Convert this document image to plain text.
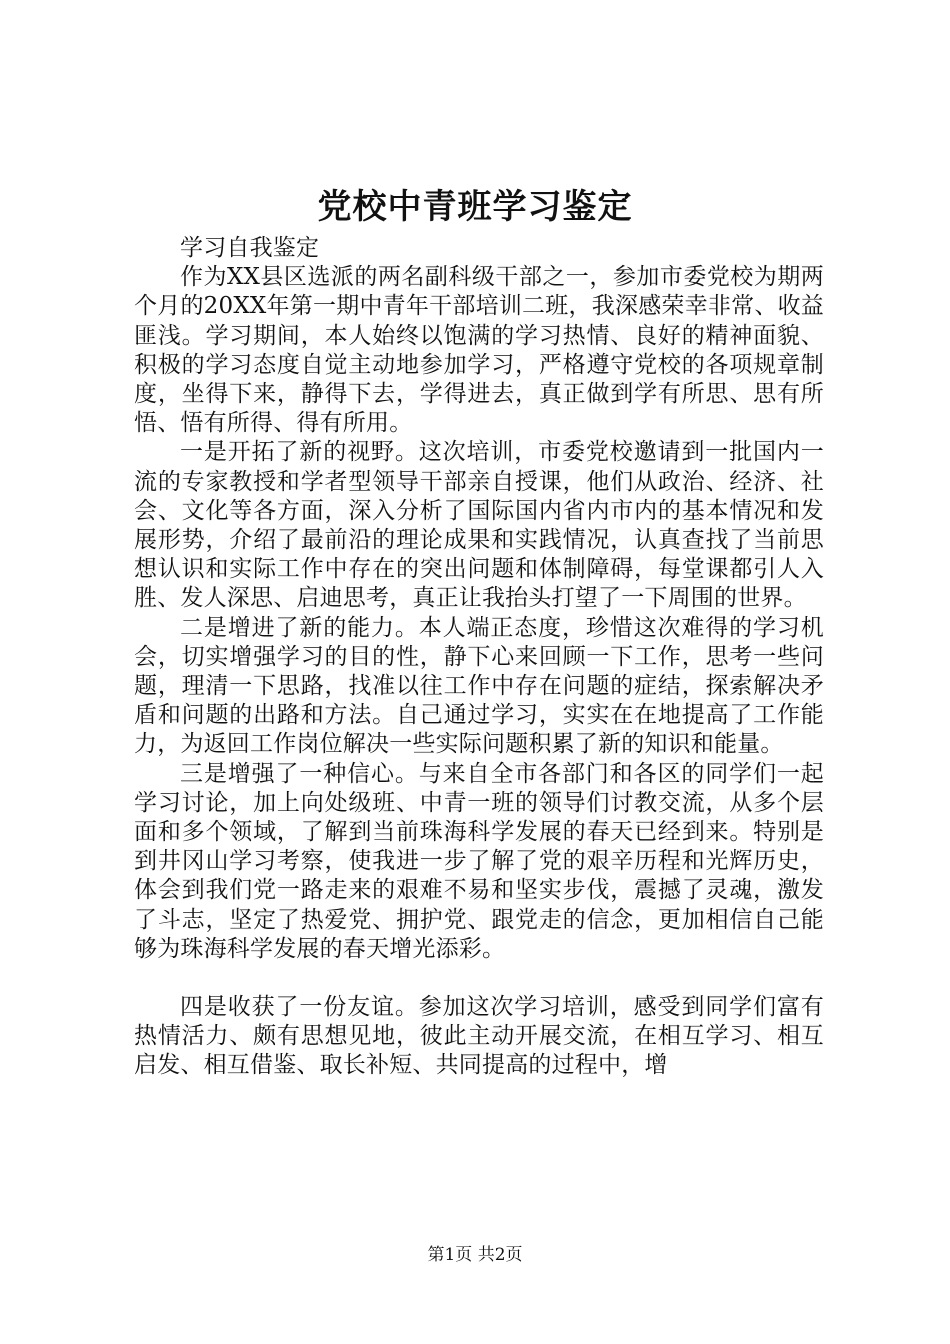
党校中青班学习鉴定

学习自我鉴定

作为XX县区选派的两名副科级干部之一，参加市委党校为期两个月的20XX年第一期中青年干部培训二班，我深感荣幸非常、收益匪浅。学习期间，本人始终以饱满的学习热情、良好的精神面貌、积极的学习态度自觉主动地参加学习，严格遵守党校的各项规章制度，坐得下来，静得下去，学得进去，真正做到学有所思、思有所悟、悟有所得、得有所用。

一是开拓了新的视野。这次培训，市委党校邀请到一批国内一流的专家教授和学者型领导干部亲自授课，他们从政治、经济、社会、文化等各方面，深入分析了国际国内省内市内的基本情况和发展形势，介绍了最前沿的理论成果和实践情况，认真查找了当前思想认识和实际工作中存在的突出问题和体制障碍，每堂课都引人入胜、发人深思、启迪思考，真正让我抬头打望了一下周围的世界。

二是增进了新的能力。本人端正态度，珍惜这次难得的学习机会，切实增强学习的目的性，静下心来回顾一下工作，思考一些问题，理清一下思路，找准以往工作中存在问题的症结，探索解决矛盾和问题的出路和方法。自己通过学习，实实在在地提高了工作能力，为返回工作岗位解决一些实际问题积累了新的知识和能量。

三是增强了一种信心。与来自全市各部门和各区的同学们一起学习讨论，加上向处级班、中青一班的领导们讨教交流，从多个层面和多个领域，了解到当前珠海科学发展的春天已经到来。特别是到井冈山学习考察，使我进一步了解了党的艰辛历程和光辉历史，体会到我们党一路走来的艰难不易和坚实步伐，震撼了灵魂，激发了斗志，坚定了热爱党、拥护党、跟党走的信念，更加相信自己能够为珠海科学发展的春天增光添彩。

四是收获了一份友谊。参加这次学习培训，感受到同学们富有热情活力、颇有思想见地，彼此主动开展交流，在相互学习、相互启发、相互借鉴、取长补短、共同提高的过程中，增

第1页 共2页
